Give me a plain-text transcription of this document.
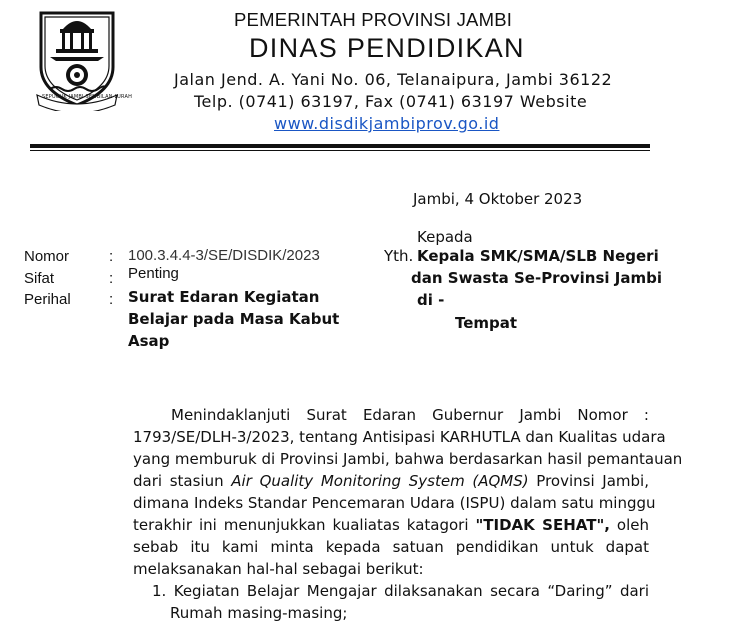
SEPUCUK JAMBI SEMBILAN LURAH
PEMERINTAH PROVINSI JAMBI
DINAS PENDIDIKAN
Jalan Jend. A. Yani No. 06, Telanaipura, Jambi 36122
Telp. (0741) 63197, Fax (0741) 63197 Website
www.disdikjambiprov.go.id
Jambi, 4 Oktober 2023
Nomor	: 100.3.4.4-3/SE/DISDIK/2023
Sifat	: Penting
Perihal	: Surat Edaran Kegiatan
Belajar pada Masa Kabut
Asap
Kepada
Yth. Kepala SMK/SMA/SLB Negeri
dan Swasta Se-Provinsi Jambi
di -
Tempat
Menindaklanjuti Surat Edaran Gubernur Jambi Nomor :
1793/SE/DLH-3/2023, tentang Antisipasi KARHUTLA dan Kualitas udara
yang memburuk di Provinsi Jambi, bahwa berdasarkan hasil pemantauan
dari stasiun Air Quality Monitoring System (AQMS) Provinsi Jambi,
dimana Indeks Standar Pencemaran Udara (ISPU) dalam satu minggu
terakhir ini menunjukkan kualiatas katagori "TIDAK SEHAT", oleh
sebab itu kami minta kepada satuan pendidikan untuk dapat
melaksanakan hal-hal sebagai berikut:
1. Kegiatan Belajar Mengajar dilaksanakan secara “Daring” dari
Rumah masing-masing;
